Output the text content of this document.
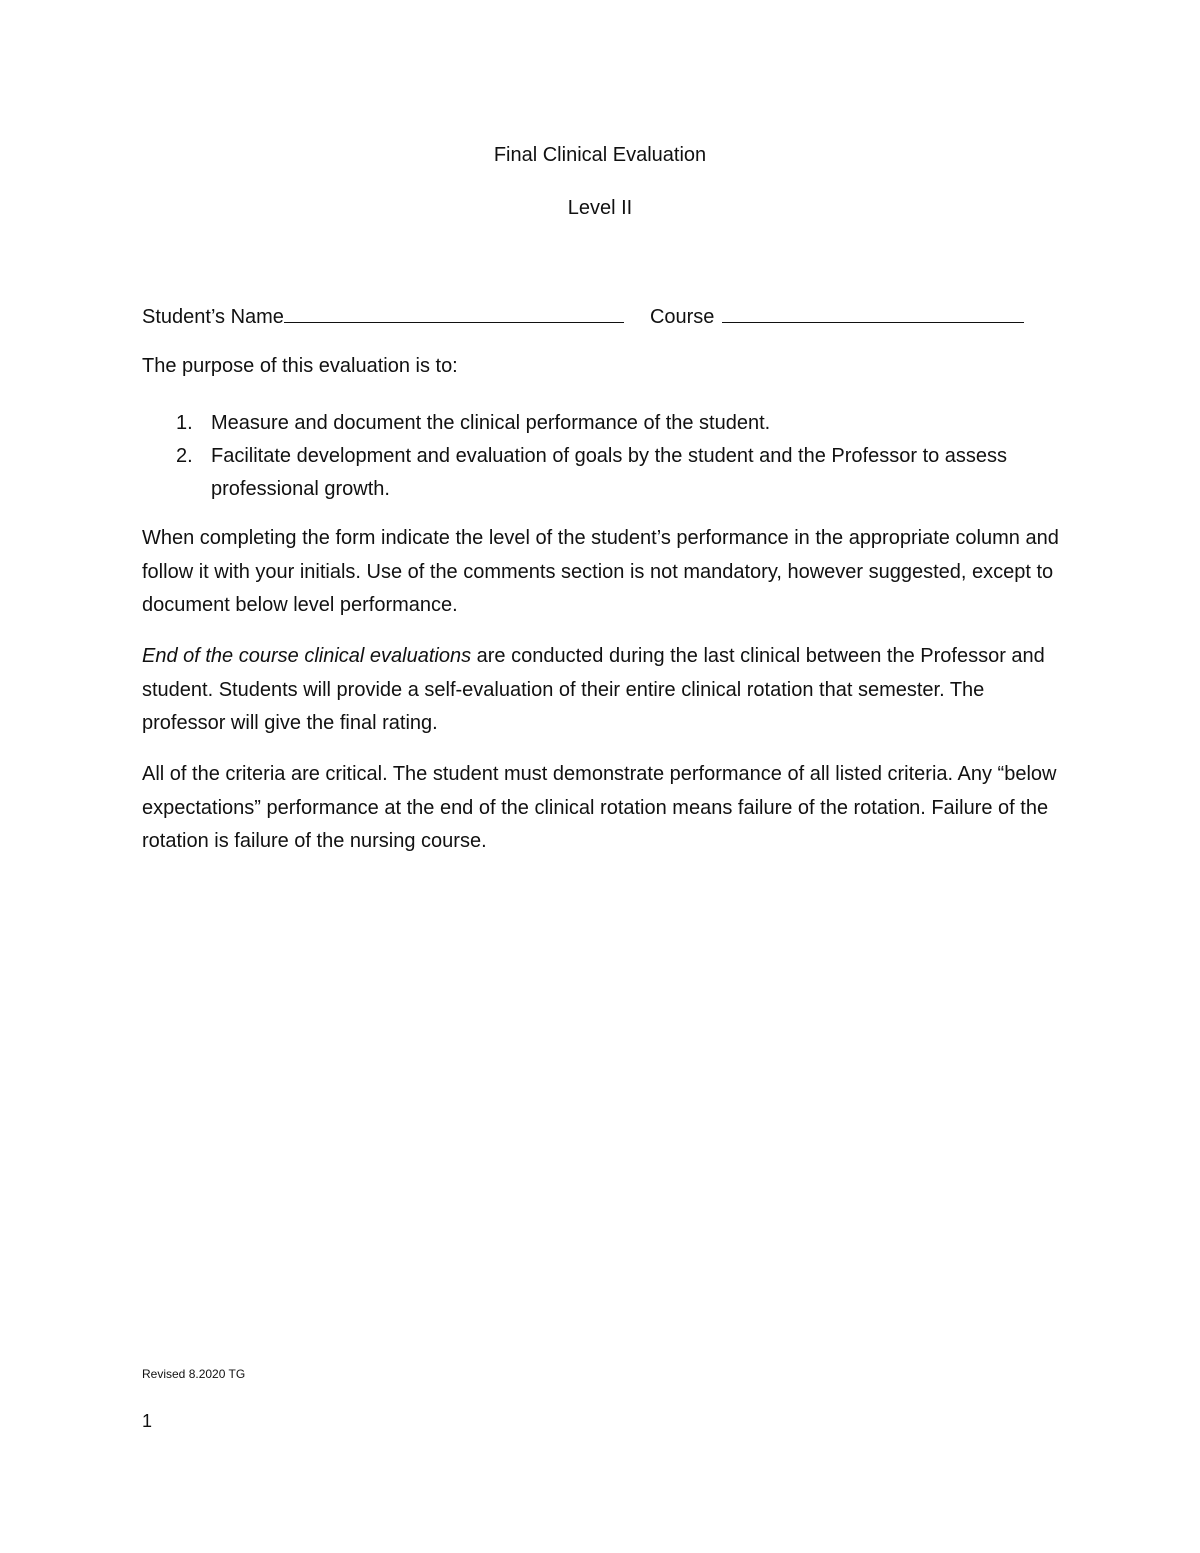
Final Clinical Evaluation
Level II
Student’s Name	Course
The purpose of this evaluation is to:
1. Measure and document the clinical performance of the student.
2. Facilitate development and evaluation of goals by the student and the Professor to assess professional growth.

When completing the form indicate the level of the student’s performance in the appropriate column and follow it with your initials. Use of the comments section is not mandatory, however suggested, except to document below level performance.

End of the course clinical evaluations are conducted during the last clinical between the Professor and student. Students will provide a self-evaluation of their entire clinical rotation that semester. The professor will give the final rating.

All of the criteria are critical. The student must demonstrate performance of all listed criteria. Any “below expectations” performance at the end of the clinical rotation means failure of the rotation. Failure of the rotation is failure of the nursing course.

Revised 8.2020 TG
1
